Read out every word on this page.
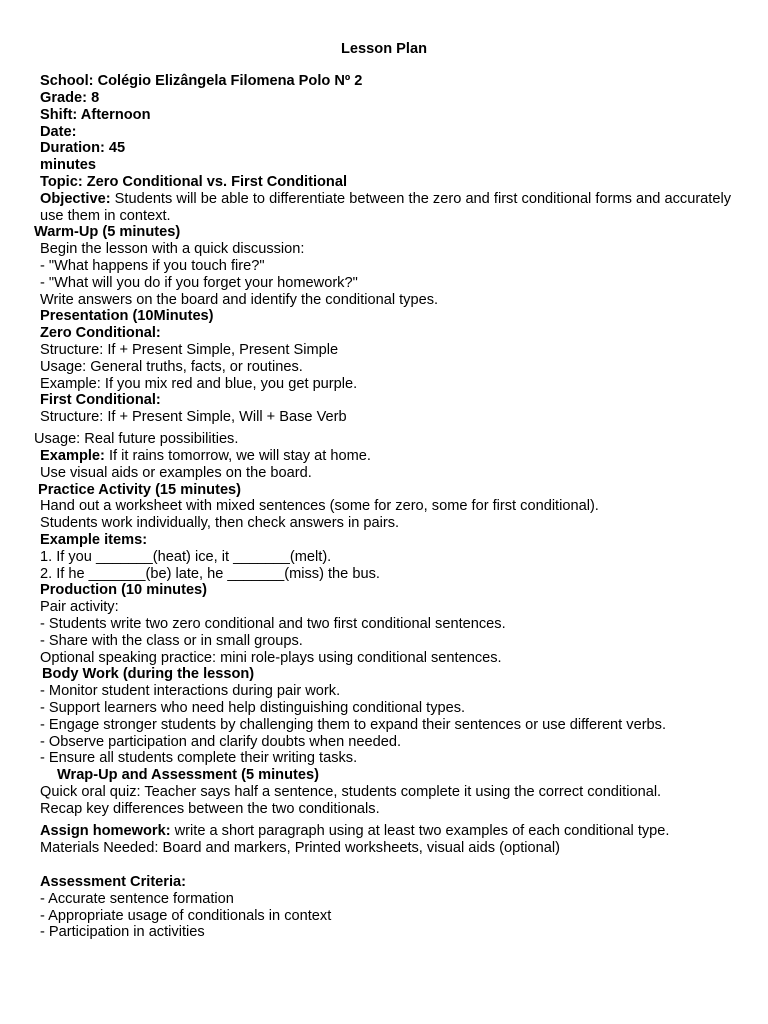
Lesson Plan
School: Colégio Elizângela Filomena Polo Nº 2
Grade: 8
Shift: Afternoon
Date:
Duration: 45
minutes
Topic: Zero Conditional vs. First Conditional
Objective: Students will be able to differentiate between the zero and first conditional forms and accurately use them in context.
Warm-Up (5 minutes)
Begin the lesson with a quick discussion:
- "What happens if you touch fire?"
- "What will you do if you forget your homework?"
Write answers on the board and identify the conditional types.
Presentation (10Minutes)
Zero Conditional:
Structure: If + Present Simple, Present Simple
Usage: General truths, facts, or routines.
Example: If you mix red and blue, you get purple.
First Conditional:
Structure: If + Present Simple, Will + Base Verb
Usage: Real future possibilities.
Example: If it rains tomorrow, we will stay at home.
Use visual aids or examples on the board.
Practice Activity (15 minutes)
Hand out a worksheet with mixed sentences (some for zero, some for first conditional).
Students work individually, then check answers in pairs.
Example items:
1. If you _______(heat) ice, it _______(melt).
2. If he _______(be) late, he _______(miss) the bus.
Production (10 minutes)
Pair activity:
- Students write two zero conditional and two first conditional sentences.
- Share with the class or in small groups.
Optional speaking practice: mini role-plays using conditional sentences.
Body Work (during the lesson)
- Monitor student interactions during pair work.
- Support learners who need help distinguishing conditional types.
- Engage stronger students by challenging them to expand their sentences or use different verbs.
- Observe participation and clarify doubts when needed.
- Ensure all students complete their writing tasks.
Wrap-Up and Assessment (5 minutes)
Quick oral quiz: Teacher says half a sentence, students complete it using the correct conditional.
Recap key differences between the two conditionals.
Assign homework: write a short paragraph using at least two examples of each conditional type.
Materials Needed: Board and markers, Printed worksheets, visual aids (optional)
Assessment Criteria:
- Accurate sentence formation
- Appropriate usage of conditionals in context
- Participation in activities
